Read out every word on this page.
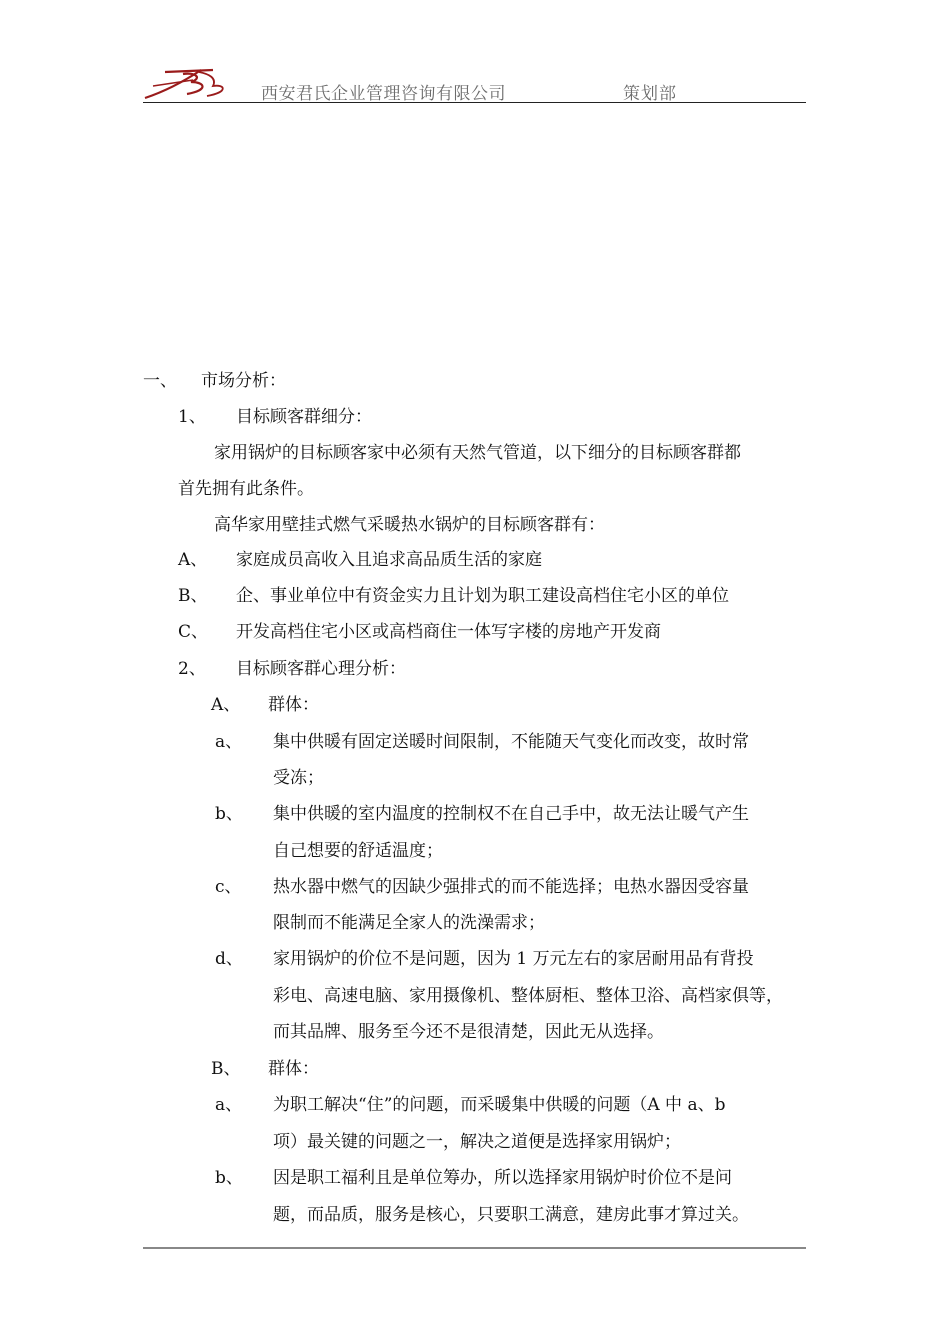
西安君氏企业管理咨询有限公司	策划部
一、 市场分析：
1、 目标顾客群细分：
家用锅炉的目标顾客家中必须有天然气管道，以下细分的目标顾客群都
首先拥有此条件。
高华家用壁挂式燃气采暖热水锅炉的目标顾客群有：
A、 家庭成员高收入且追求高品质生活的家庭
B、 企、事业单位中有资金实力且计划为职工建设高档住宅小区的单位
C、 开发高档住宅小区或高档商住一体写字楼的房地产开发商
2、 目标顾客群心理分析：
A、 群体：
a、 集中供暖有固定送暖时间限制，不能随天气变化而改变，故时常
受冻；
b、 集中供暖的室内温度的控制权不在自己手中，故无法让暖气产生
自己想要的舒适温度；
c、 热水器中燃气的因缺少强排式的而不能选择；电热水器因受容量
限制而不能满足全家人的洗澡需求；
d、 家用锅炉的价位不是问题，因为 1 万元左右的家居耐用品有背投
彩电、高速电脑、家用摄像机、整体厨柜、整体卫浴、高档家俱等，
而其品牌、服务至今还不是很清楚，因此无从选择。
B、 群体：
a、 为职工解决“住”的问题，而采暖集中供暖的问题（A 中 a、b
项）最关键的问题之一，解决之道便是选择家用锅炉；
b、 因是职工福利且是单位筹办，所以选择家用锅炉时价位不是问
题，而品质，服务是核心，只要职工满意，建房此事才算过关。
